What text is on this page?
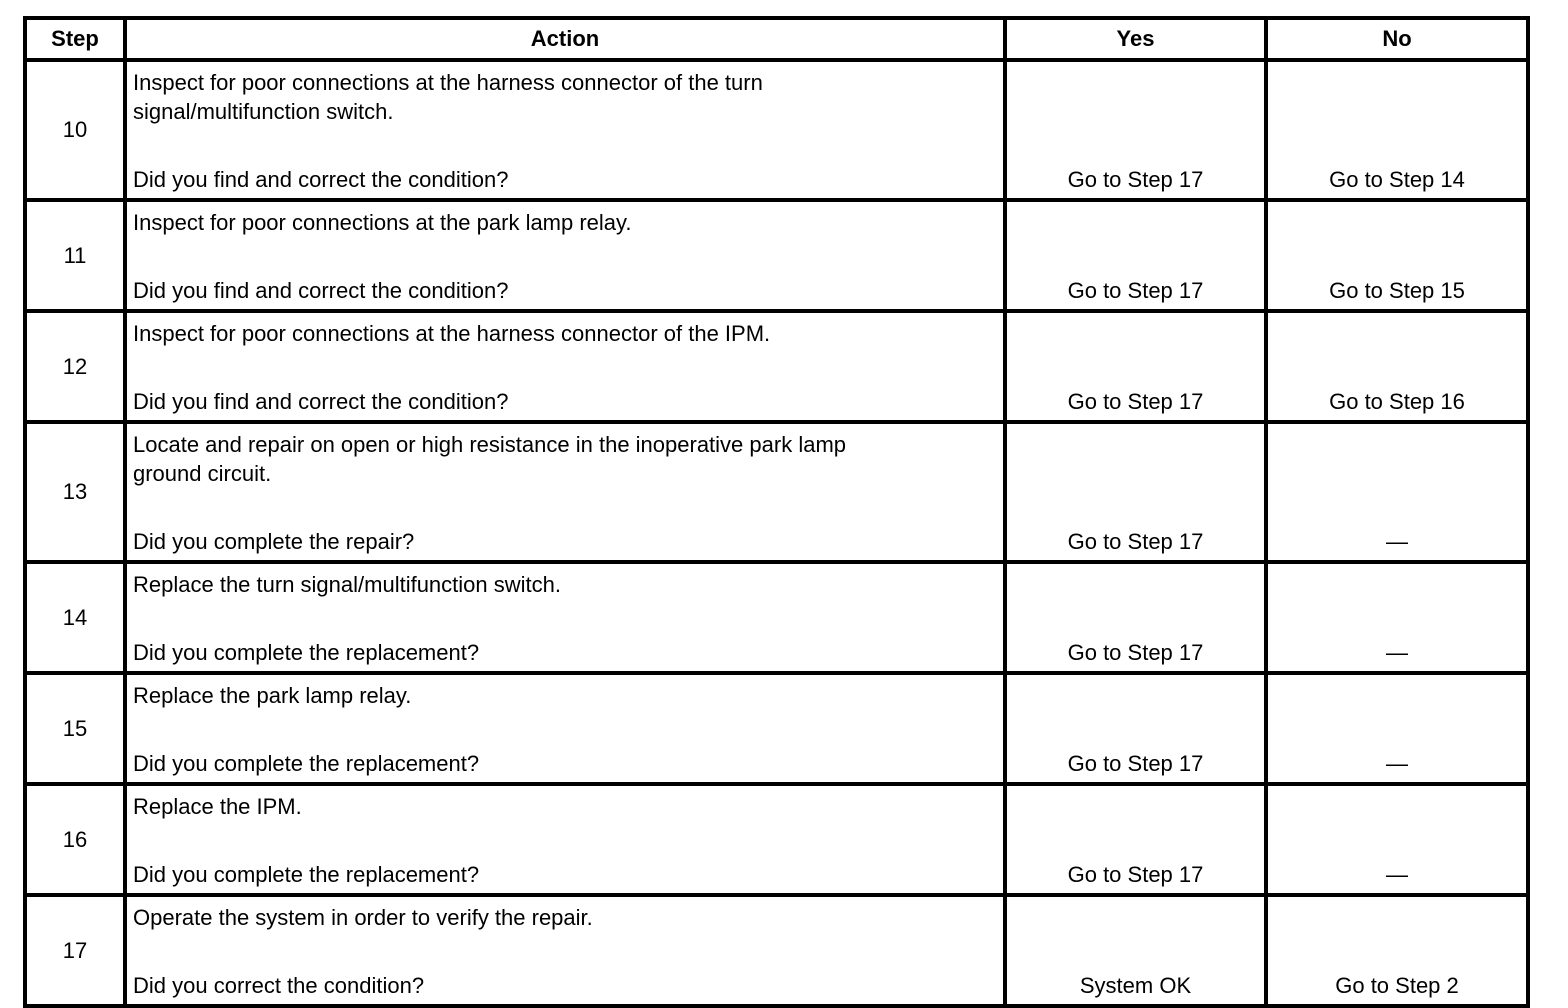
Step	Action	Yes	No
10	Inspect for poor connections at the harness connector of the turn
signal/multifunction switch.
Did you find and correct the condition?	Go to Step 17	Go to Step 14
11	Inspect for poor connections at the park lamp relay.
Did you find and correct the condition?	Go to Step 17	Go to Step 15
12	Inspect for poor connections at the harness connector of the IPM.
Did you find and correct the condition?	Go to Step 17	Go to Step 16
13	Locate and repair on open or high resistance in the inoperative park lamp
ground circuit.
Did you complete the repair?	Go to Step 17	—
14	Replace the turn signal/multifunction switch.
Did you complete the replacement?	Go to Step 17	—
15	Replace the park lamp relay.
Did you complete the replacement?	Go to Step 17	—
16	Replace the IPM.
Did you complete the replacement?	Go to Step 17	—
17	Operate the system in order to verify the repair.
Did you correct the condition?	System OK	Go to Step 2
